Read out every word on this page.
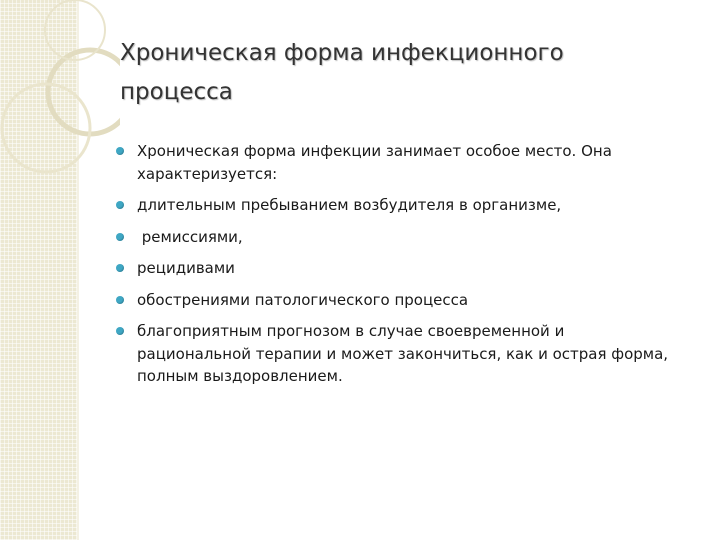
Хроническая форма инфекционного процесса
Хроническая форма инфекции занимает особое место. Она характеризуется:
длительным пребыванием возбудителя в организме,
ремиссиями,
рецидивами
обострениями патологического процесса
благоприятным прогнозом в случае своевременной и рациональной терапии и может закончиться, как и острая форма, полным выздоровлением.
